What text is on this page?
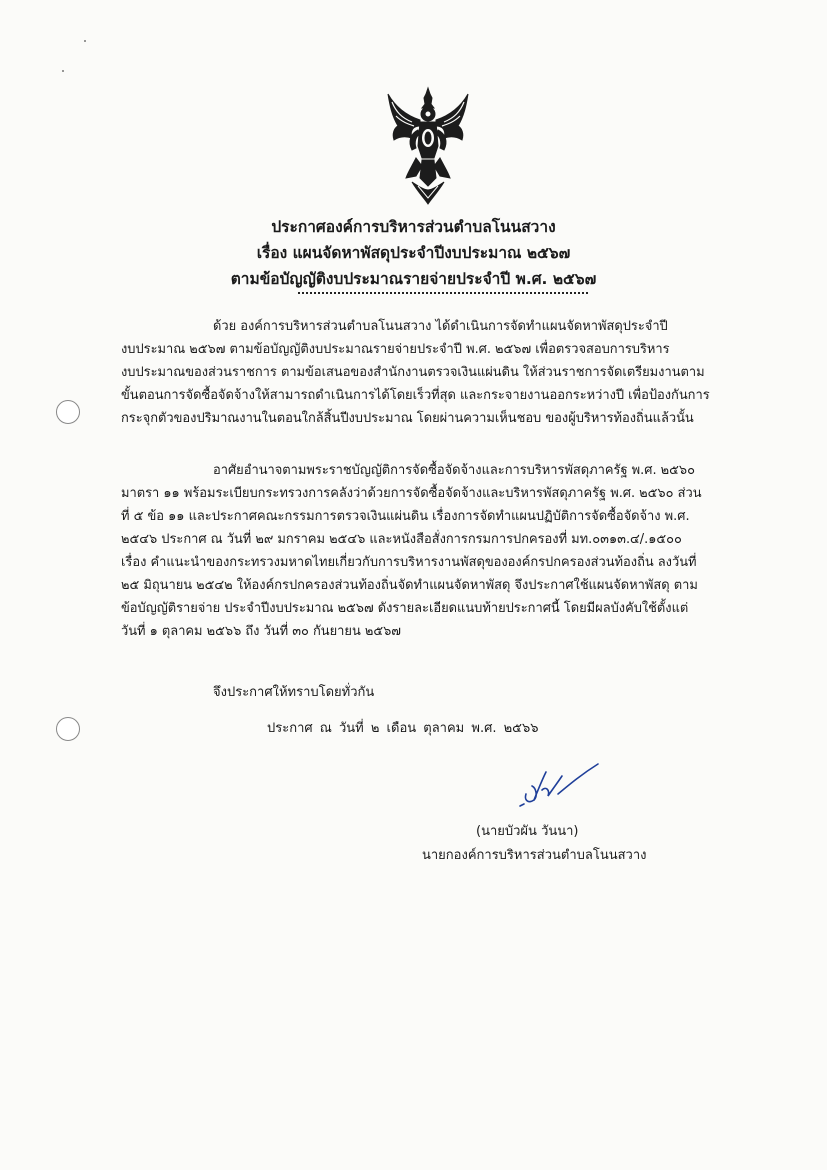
ประกาศองค์การบริหารส่วนตำบลโนนสวาง
เรื่อง แผนจัดหาพัสดุประจำปีงบประมาณ ๒๕๖๗
ตามข้อบัญญัติงบประมาณรายจ่ายประจำปี พ.ศ. ๒๕๖๗
ด้วย องค์การบริหารส่วนตำบลโนนสวาง ได้ดำเนินการจัดทำแผนจัดหาพัสดุประจำปี
งบประมาณ ๒๕๖๗ ตามข้อบัญญัติงบประมาณรายจ่ายประจำปี พ.ศ. ๒๕๖๗ เพื่อตรวจสอบการบริหาร
งบประมาณของส่วนราชการ ตามข้อเสนอของสำนักงานตรวจเงินแผ่นดิน ให้ส่วนราชการจัดเตรียมงานตาม
ขั้นตอนการจัดซื้อจัดจ้างให้สามารถดำเนินการได้โดยเร็วที่สุด และกระจายงานออกระหว่างปี เพื่อป้องกันการ
กระจุกตัวของปริมาณงานในตอนใกล้สิ้นปีงบประมาณ โดยผ่านความเห็นชอบ ของผู้บริหารท้องถิ่นแล้วนั้น
อาศัยอำนาจตามพระราชบัญญัติการจัดซื้อจัดจ้างและการบริหารพัสดุภาครัฐ พ.ศ. ๒๕๖๐
มาตรา ๑๑ พร้อมระเบียบกระทรวงการคลังว่าด้วยการจัดซื้อจัดจ้างและบริหารพัสดุภาครัฐ พ.ศ. ๒๕๖๐ ส่วน
ที่ ๕ ข้อ ๑๑ และประกาศคณะกรรมการตรวจเงินแผ่นดิน เรื่องการจัดทำแผนปฏิบัติการจัดซื้อจัดจ้าง พ.ศ.
๒๕๔๖ ประกาศ ณ วันที่ ๒๙ มกราคม ๒๕๔๖ และหนังสือสั่งการกรมการปกครองที่ มท.๐๓๑๓.๔/.๑๕๐๐
เรื่อง คำแนะนำของกระทรวงมหาดไทยเกี่ยวกับการบริหารงานพัสดุขององค์กรปกครองส่วนท้องถิ่น ลงวันที่
๒๕ มิถุนายน ๒๕๔๒ ให้องค์กรปกครองส่วนท้องถิ่นจัดทำแผนจัดหาพัสดุ จึงประกาศใช้แผนจัดหาพัสดุ ตาม
ข้อบัญญัติรายจ่าย ประจำปีงบประมาณ ๒๕๖๗ ดังรายละเอียดแนบท้ายประกาศนี้ โดยมีผลบังคับใช้ตั้งแต่
วันที่ ๑ ตุลาคม ๒๕๖๖ ถึง วันที่ ๓๐ กันยายน ๒๕๖๗
จึงประกาศให้ทราบโดยทั่วกัน
ประกาศ ณ วันที่ ๒ เดือน ตุลาคม พ.ศ. ๒๕๖๖
(นายบัวผัน วันนา)
นายกองค์การบริหารส่วนตำบลโนนสวาง
